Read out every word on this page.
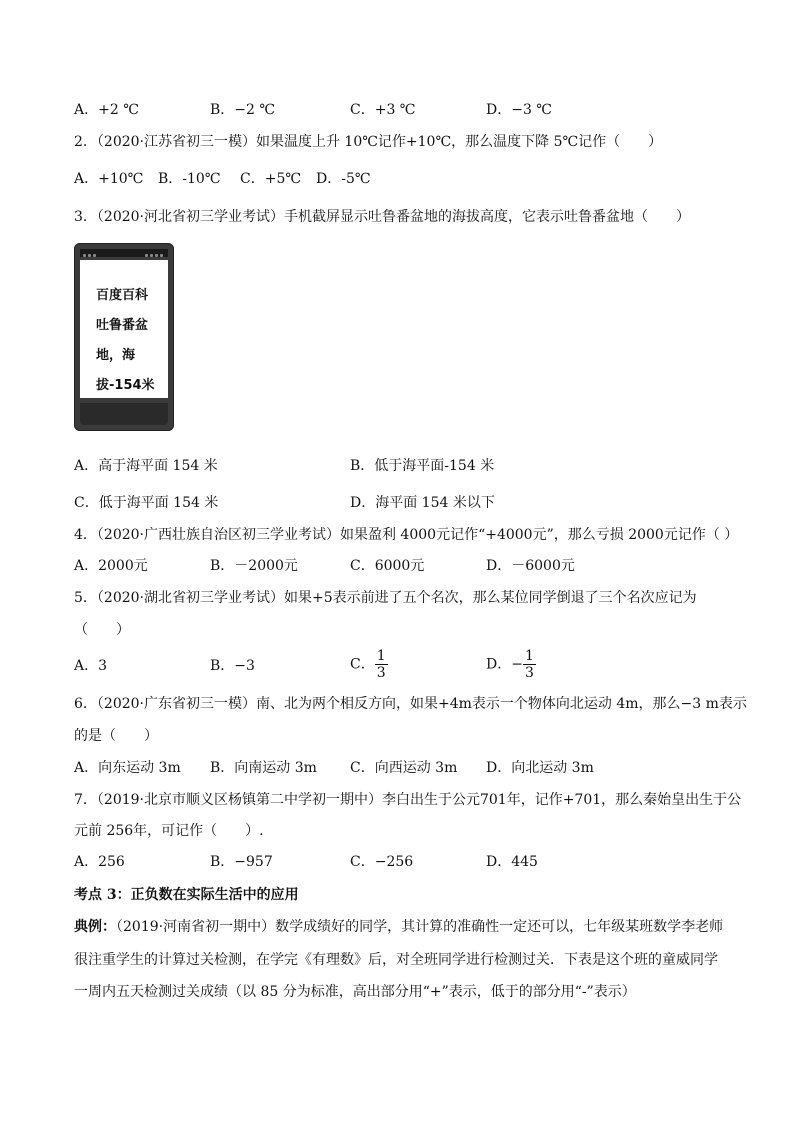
A．+2 ℃	B．−2 ℃	C．+3 ℃	D．−3 ℃
2．（2020·江苏省初三一模）如果温度上升 10℃记作+10℃，那么温度下降 5℃记作（　　）
A．+10℃ B．-10℃ C．+5℃ D．-5℃
3．（2020·河北省初三学业考试）手机截屏显示吐鲁番盆地的海拔高度，它表示吐鲁番盆地（　　）
百度百科
吐鲁番盆
地，海
拔-154米
A．高于海平面 154 米	B．低于海平面-154 米
C．低于海平面 154 米	D．海平面 154 米以下
4．（2020·广西壮族自治区初三学业考试）如果盈利 4000元记作“+4000元”，那么亏损 2000元记作（ ）
A．2000元	B．－2000元	C．6000元	D．－6000元
5．（2020·湖北省初三学业考试）如果+5表示前进了五个名次，那么某位同学倒退了三个名次应记为
（　　）
A．3	B．−3	C． $\frac{1}{3}$	D．− $\frac{1}{3}$
6．（2020·广东省初三一模）南、北为两个相反方向，如果+4m表示一个物体向北运动 4m，那么−3 m表示
的是（　　）
A．向东运动 3m B．向南运动 3m C．向西运动 3m D．向北运动 3m
7．（2019·北京市顺义区杨镇第二中学初一期中）李白出生于公元701年，记作+701，那么秦始皇出生于公
元前 256年，可记作（　　）.
A．256	B．−957	C．−256	D．445
考点 3：正负数在实际生活中的应用
典例：（2019·河南省初一期中）数学成绩好的同学，其计算的准确性一定还可以，七年级某班数学李老师
很注重学生的计算过关检测，在学完《有理数》后，对全班同学进行检测过关．下表是这个班的童威同学
一周内五天检测过关成绩（以 85 分为标准，高出部分用“+”表示，低于的部分用“-”表示）
